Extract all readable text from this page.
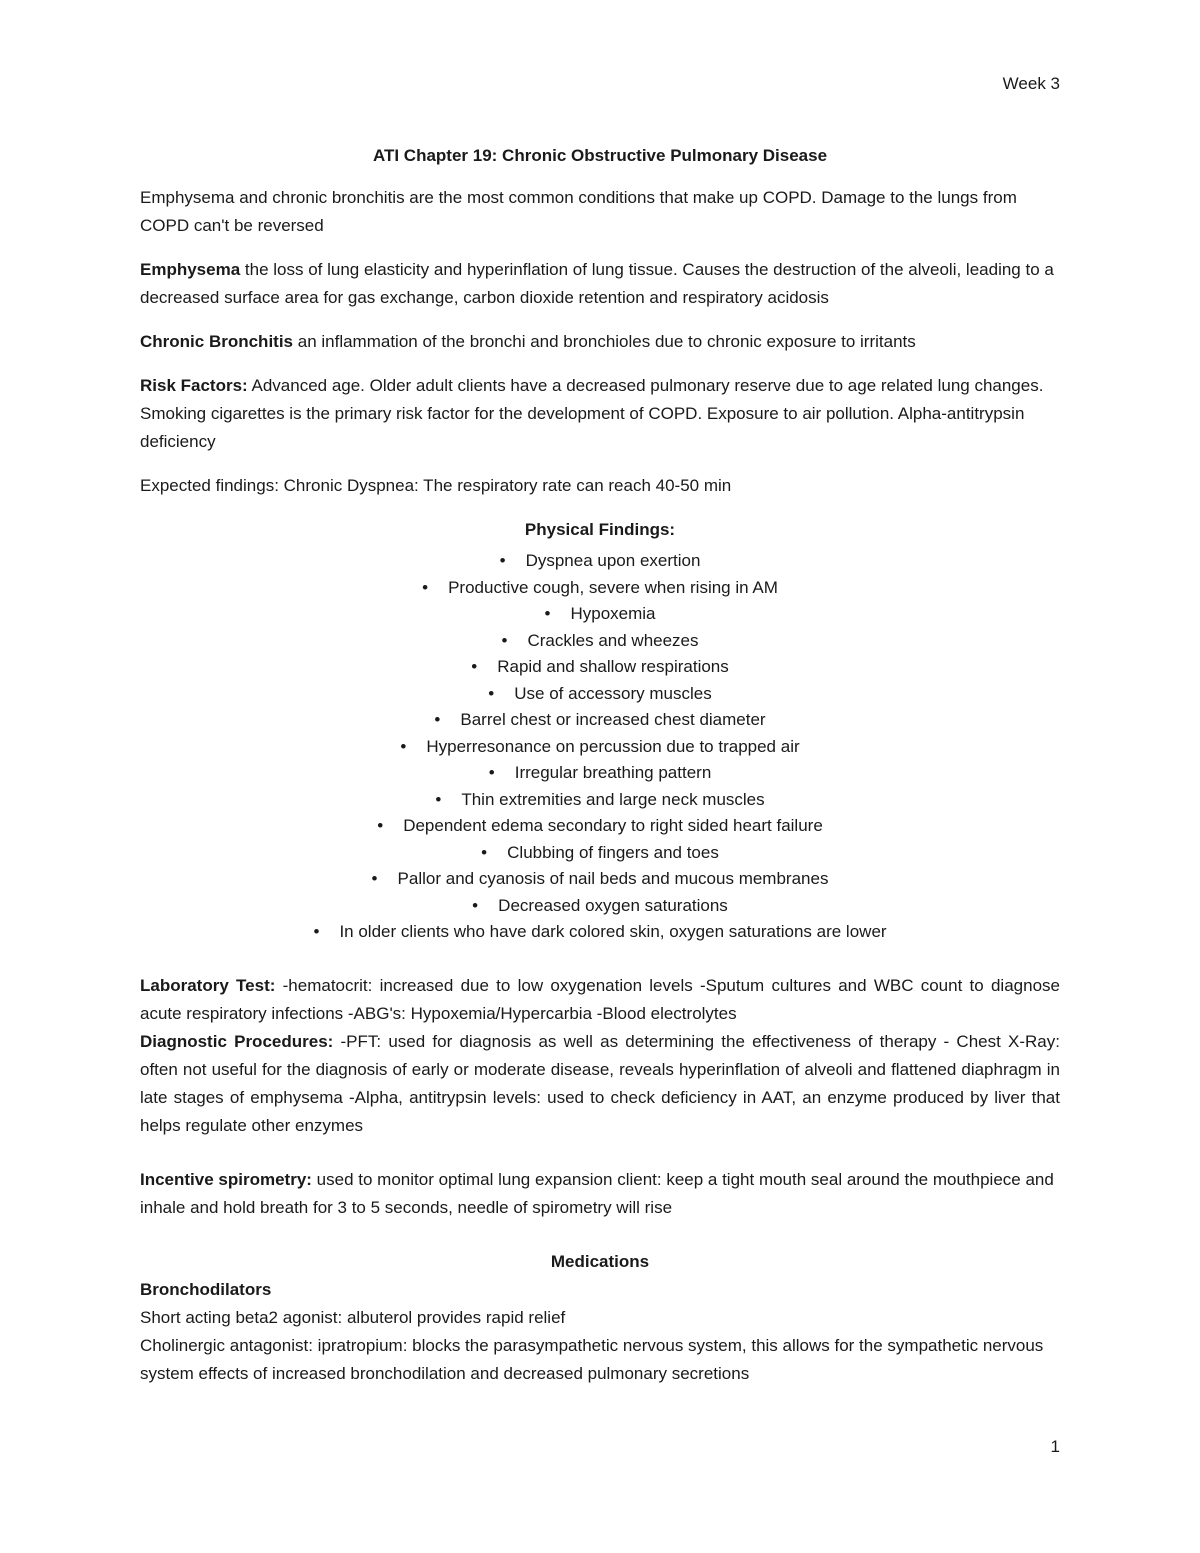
Week 3
ATI Chapter 19: Chronic Obstructive Pulmonary Disease

Emphysema and chronic bronchitis are the most common conditions that make up COPD. Damage to the lungs from COPD can't be reversed

Emphysema the loss of lung elasticity and hyperinflation of lung tissue. Causes the destruction of the alveoli, leading to a decreased surface area for gas exchange, carbon dioxide retention and respiratory acidosis

Chronic Bronchitis an inflammation of the bronchi and bronchioles due to chronic exposure to irritants

Risk Factors: Advanced age. Older adult clients have a decreased pulmonary reserve due to age related lung changes. Smoking cigarettes is the primary risk factor for the development of COPD. Exposure to air pollution. Alpha-antitrypsin deficiency

Expected findings: Chronic Dyspnea: The respiratory rate can reach 40-50 min

Physical Findings:

• Dyspnea upon exertion
• Productive cough, severe when rising in AM
• Hypoxemia
• Crackles and wheezes
• Rapid and shallow respirations
• Use of accessory muscles
• Barrel chest or increased chest diameter
• Hyperresonance on percussion due to trapped air
• Irregular breathing pattern
• Thin extremities and large neck muscles
• Dependent edema secondary to right sided heart failure
• Clubbing of fingers and toes
• Pallor and cyanosis of nail beds and mucous membranes
• Decreased oxygen saturations
• In older clients who have dark colored skin, oxygen saturations are lower

Laboratory Test: -hematocrit: increased due to low oxygenation levels -Sputum cultures and WBC count to diagnose acute respiratory infections -ABG's: Hypoxemia/Hypercarbia -Blood electrolytes

Diagnostic Procedures: -PFT: used for diagnosis as well as determining the effectiveness of therapy - Chest X-Ray: often not useful for the diagnosis of early or moderate disease, reveals hyperinflation of alveoli and flattened diaphragm in late stages of emphysema -Alpha, antitrypsin levels: used to check deficiency in AAT, an enzyme produced by liver that helps regulate other enzymes

Incentive spirometry: used to monitor optimal lung expansion client: keep a tight mouth seal around the mouthpiece and inhale and hold breath for 3 to 5 seconds, needle of spirometry will rise

Medications

Bronchodilators

Short acting beta2 agonist: albuterol provides rapid relief

Cholinergic antagonist: ipratropium: blocks the parasympathetic nervous system, this allows for the sympathetic nervous system effects of increased bronchodilation and decreased pulmonary secretions

1
